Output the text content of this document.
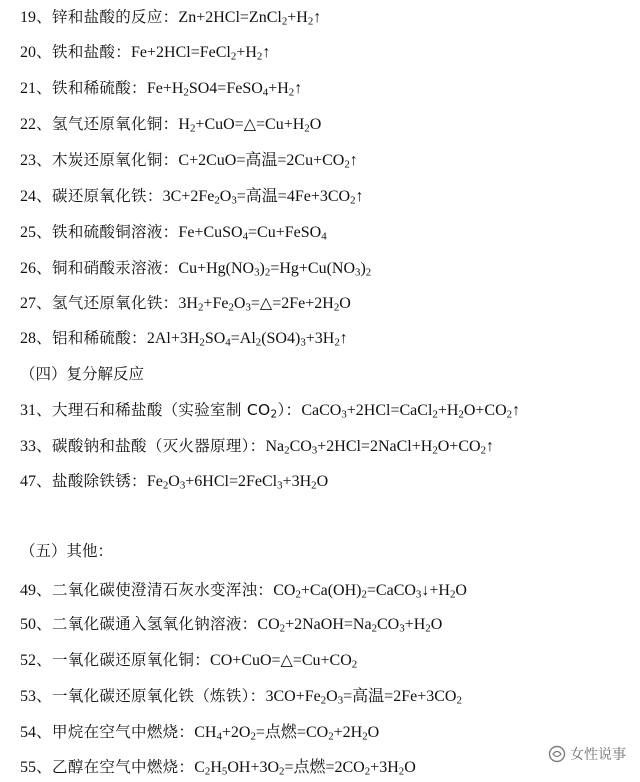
19、锌和盐酸的反应：$Zn+2HCl=ZnCl_2+H_2↑$
20、铁和盐酸：$Fe+2HCl=FeCl_2+H_2↑$
21、铁和稀硫酸：$Fe+H_2SO4=FeSO_4+H_2↑$
22、氢气还原氧化铜：$H_2+CuO=\triangle=Cu+H_2O$
23、木炭还原氧化铜：C+2CuO=高温$=2Cu+CO_2↑$
24、碳还原氧化铁：$3C+2Fe_2O_3=$高温$=4Fe+3CO_2↑$
25、铁和硫酸铜溶液：Fe+CuSO$_4$=Cu+FeSO$_4$
26、铜和硝酸汞溶液：$Cu+Hg(NO_3)_2=Hg+Cu(NO_3)_2$
27、氢气还原氧化铁：$3H_2+Fe_2O_3=\triangle=2Fe+2H_2O$
28、铝和稀硫酸：$2Al+3H_2SO_4=Al_2(SO4)_3+3H_2↑$
（四）复分解反应
31、大理石和稀盐酸（实验室制 $CO_2$）：$CaCO_3+2HCl=CaCl_2+H_2O+CO_2↑$
33、碳酸钠和盐酸（灭火器原理）：$Na_2CO_3+2HCl=2NaCl+H_2O+CO_2↑$
47、盐酸除铁锈：$Fe_2O_3+6HCl=2FeCl_3+3H_2O$
（五）其他：
49、二氧化碳使澄清石灰水变浑浊：$CO_2+Ca(OH)_2=CaCO_3↓+H_2O$
50、二氧化碳通入氢氧化钠溶液：$CO_2+2NaOH=Na_2CO_3+H_2O$
52、一氧化碳还原氧化铜：$CO+CuO=\triangle=Cu+CO_2$
53、一氧化碳还原氧化铁（炼铁）：$3CO+Fe_2O_3=$高温$=2Fe+3CO_2$
54、甲烷在空气中燃烧：$CH_4+2O_2=$点燃$=CO_2+2H_2O$
55、乙醇在空气中燃烧：$C_2H_5OH+3O_2=$点燃$=2CO_2+3H_2O$
女性说事
